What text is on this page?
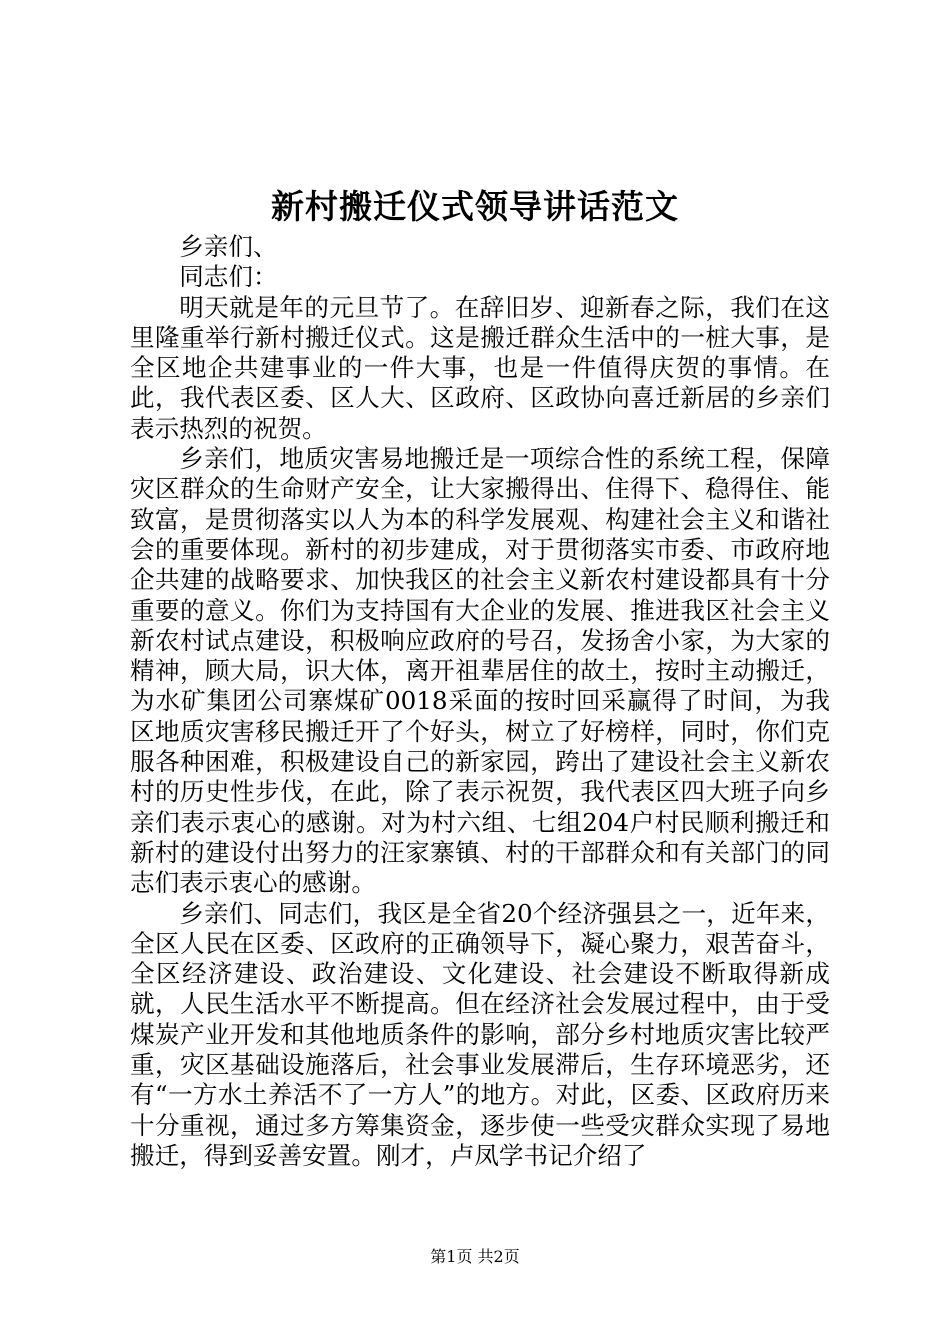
新村搬迁仪式领导讲话范文

乡亲们、

同志们：

明天就是年的元旦节了。在辞旧岁、迎新春之际，我们在这里隆重举行新村搬迁仪式。这是搬迁群众生活中的一桩大事，是全区地企共建事业的一件大事，也是一件值得庆贺的事情。在此，我代表区委、区人大、区政府、区政协向喜迁新居的乡亲们表示热烈的祝贺。

乡亲们，地质灾害易地搬迁是一项综合性的系统工程，保障灾区群众的生命财产安全，让大家搬得出、住得下、稳得住、能致富，是贯彻落实以人为本的科学发展观、构建社会主义和谐社会的重要体现。新村的初步建成，对于贯彻落实市委、市政府地企共建的战略要求、加快我区的社会主义新农村建设都具有十分重要的意义。你们为支持国有大企业的发展、推进我区社会主义新农村试点建设，积极响应政府的号召，发扬舍小家，为大家的精神，顾大局，识大体，离开祖辈居住的故土，按时主动搬迁，为水矿集团公司寨煤矿0018采面的按时回采赢得了时间，为我区地质灾害移民搬迁开了个好头，树立了好榜样，同时，你们克服各种困难，积极建设自己的新家园，跨出了建设社会主义新农村的历史性步伐，在此，除了表示祝贺，我代表区四大班子向乡亲们表示衷心的感谢。对为村六组、七组204户村民顺利搬迁和新村的建设付出努力的汪家寨镇、村的干部群众和有关部门的同志们表示衷心的感谢。

乡亲们、同志们，我区是全省20个经济强县之一，近年来，全区人民在区委、区政府的正确领导下，凝心聚力，艰苦奋斗，全区经济建设、政治建设、文化建设、社会建设不断取得新成就，人民生活水平不断提高。但在经济社会发展过程中，由于受煤炭产业开发和其他地质条件的影响，部分乡村地质灾害比较严重，灾区基础设施落后，社会事业发展滞后，生存环境恶劣，还有“一方水土养活不了一方人”的地方。对此，区委、区政府历来十分重视，通过多方筹集资金，逐步使一些受灾群众实现了易地搬迁，得到妥善安置。刚才，卢凤学书记介绍了

第1页 共2页
